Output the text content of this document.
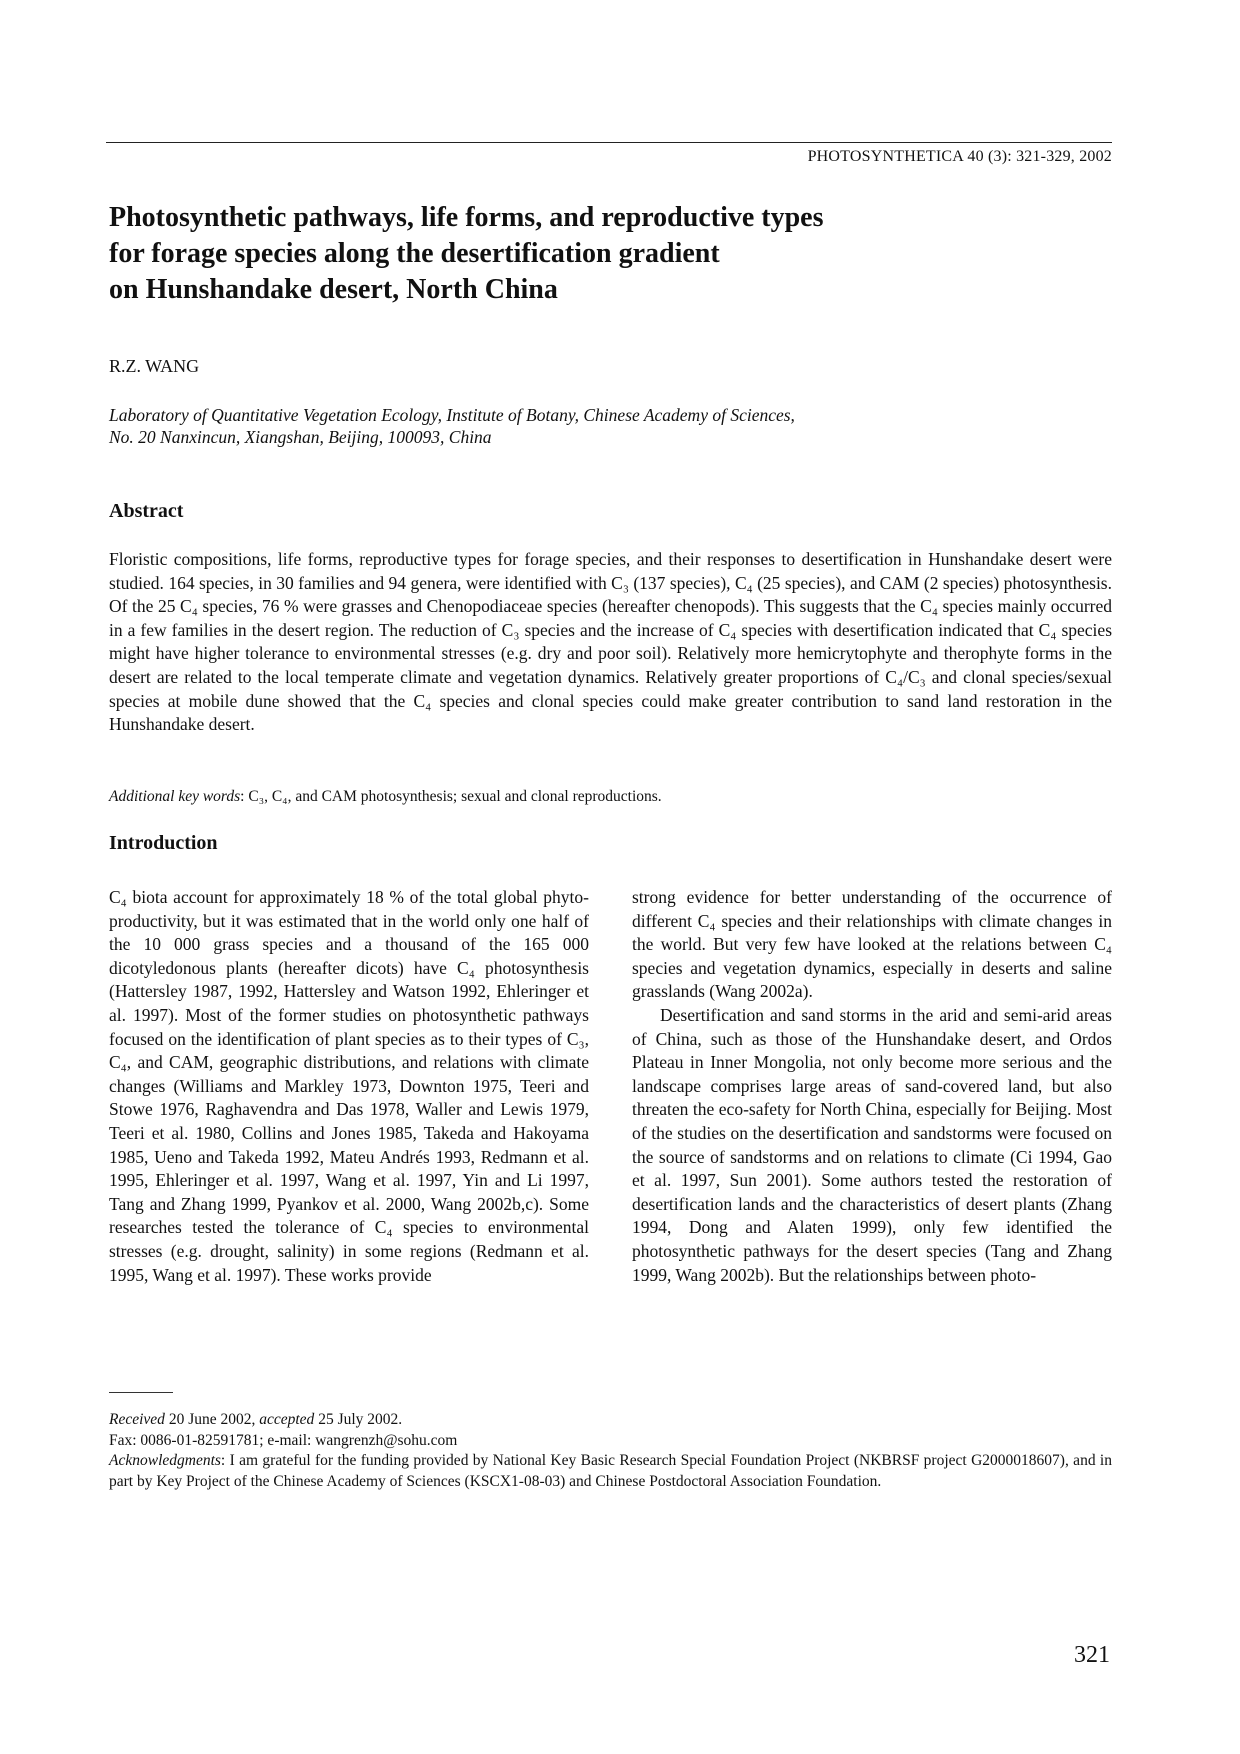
PHOTOSYNTHETICA 40 (3): 321-329, 2002
Photosynthetic pathways, life forms, and reproductive types
for forage species along the desertification gradient
on Hunshandake desert, North China
R.Z. WANG
Laboratory of Quantitative Vegetation Ecology, Institute of Botany, Chinese Academy of Sciences,
No. 20 Nanxincun, Xiangshan, Beijing, 100093, China
Abstract

Floristic compositions, life forms, reproductive types for forage species, and their responses to desertification in Hunshandake desert were studied. 164 species, in 30 families and 94 genera, were identified with C₃ (137 species), C₄ (25 species), and CAM (2 species) photosynthesis. Of the 25 C₄ species, 76 % were grasses and Chenopodiaceae species (hereafter chenopods). This suggests that the C₄ species mainly occurred in a few families in the desert region. The reduction of C₃ species and the increase of C₄ species with desertification indicated that C₄ species might have higher tolerance to environmental stresses (e.g. dry and poor soil). Relatively more hemicrytophyte and therophyte forms in the desert are related to the local temperate climate and vegetation dynamics. Relatively greater proportions of C₄/C₃ and clonal species/sexual species at mobile dune showed that the C₄ species and clonal species could make greater contribution to sand land restoration in the Hunshandake desert.

Additional key words: C₃, C₄, and CAM photosynthesis; sexual and clonal reproductions.
Introduction

C₄ biota account for approximately 18 % of the total global phyto-productivity, but it was estimated that in the world only one half of the 10 000 grass species and a thousand of the 165 000 dicotyledonous plants (hereafter dicots) have C₄ photosynthesis (Hattersley 1987, 1992, Hattersley and Watson 1992, Ehleringer et al. 1997). Most of the former studies on photosynthetic pathways focused on the identification of plant species as to their types of C₃, C₄, and CAM, geographic distributions, and relations with climate changes (Williams and Markley 1973, Downton 1975, Teeri and Stowe 1976, Raghavendra and Das 1978, Waller and Lewis 1979, Teeri et al. 1980, Collins and Jones 1985, Takeda and Hakoyama 1985, Ueno and Takeda 1992, Mateu Andrés 1993, Redmann et al. 1995, Ehleringer et al. 1997, Wang et al. 1997, Yin and Li 1997, Tang and Zhang 1999, Pyankov et al. 2000, Wang 2002b,c). Some researches tested the tolerance of C₄ species to environmental stresses (e.g. drought, salinity) in some regions (Redmann et al. 1995, Wang et al. 1997). These works provide

strong evidence for better understanding of the occurrence of different C₄ species and their relationships with climate changes in the world. But very few have looked at the relations between C₄ species and vegetation dynamics, especially in deserts and saline grasslands (Wang 2002a).

Desertification and sand storms in the arid and semi-arid areas of China, such as those of the Hunshandake desert, and Ordos Plateau in Inner Mongolia, not only become more serious and the landscape comprises large areas of sand-covered land, but also threaten the eco-safety for North China, especially for Beijing. Most of the studies on the desertification and sandstorms were focused on the source of sandstorms and on relations to climate (Ci 1994, Gao et al. 1997, Sun 2001). Some authors tested the restoration of desertification lands and the characteristics of desert plants (Zhang 1994, Dong and Alaten 1999), only few identified the photosynthetic pathways for the desert species (Tang and Zhang 1999, Wang 2002b). But the relationships between photo-

Received 20 June 2002, accepted 25 July 2002.
Fax: 0086-01-82591781; e-mail: wangrenzh@sohu.com
Acknowledgments: I am grateful for the funding provided by National Key Basic Research Special Foundation Project (NKBRSF project G2000018607), and in part by Key Project of the Chinese Academy of Sciences (KSCX1-08-03) and Chinese Postdoctoral Association Foundation.
321
